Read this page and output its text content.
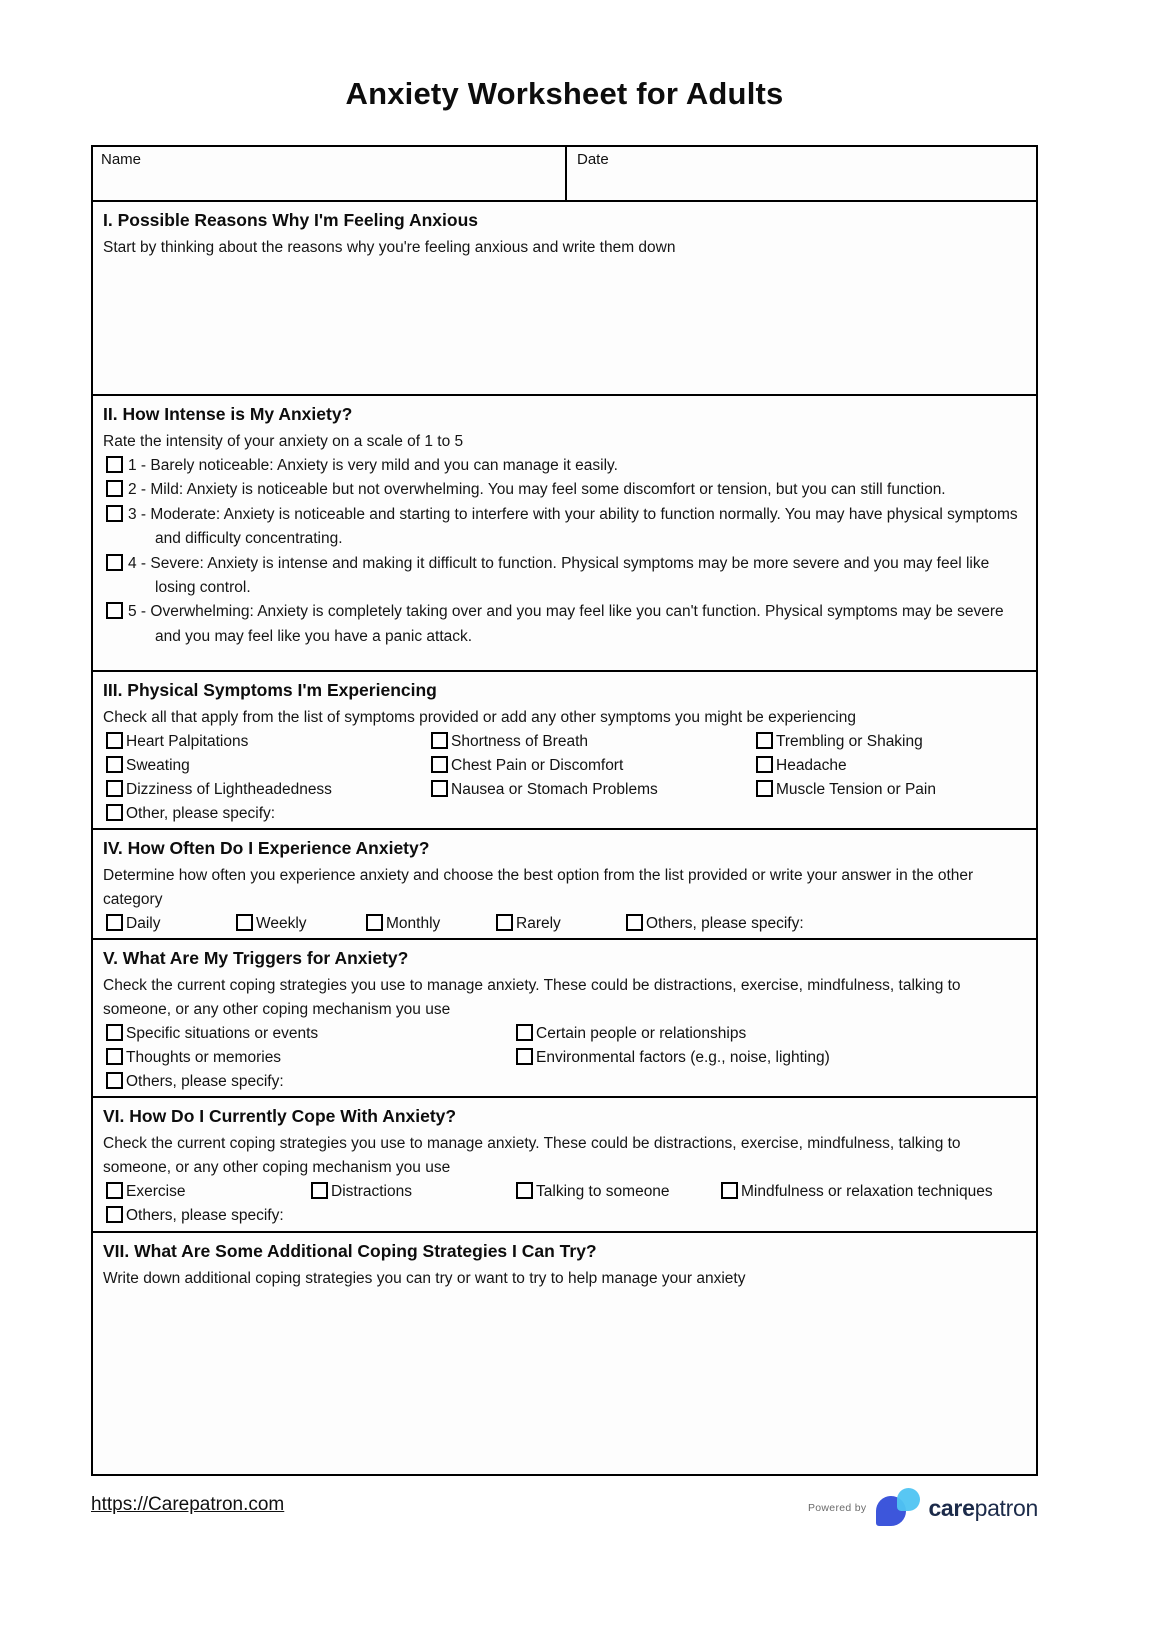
Anxiety Worksheet for Adults
Name	Date
I. Possible Reasons Why I'm Feeling Anxious
Start by thinking about the reasons why you're feeling anxious and write them down
II. How Intense is My Anxiety?
Rate the intensity of your anxiety on a scale of 1 to 5
1 - Barely noticeable: Anxiety is very mild and you can manage it easily.
2 - Mild: Anxiety is noticeable but not overwhelming. You may feel some discomfort or tension, but you can still function.
3 - Moderate: Anxiety is noticeable and starting to interfere with your ability to function normally. You may have physical symptoms and difficulty concentrating.
4 - Severe: Anxiety is intense and making it difficult to function. Physical symptoms may be more severe and you may feel like losing control.
5 - Overwhelming: Anxiety is completely taking over and you may feel like you can't function. Physical symptoms may be severe and you may feel like you have a panic attack.
III. Physical Symptoms I'm Experiencing
Check all that apply from the list of symptoms provided or add any other symptoms you might be experiencing
Heart Palpitations	Shortness of Breath	Trembling or Shaking
Sweating	Chest Pain or Discomfort	Headache
Dizziness of Lightheadedness	Nausea or Stomach Problems	Muscle Tension or Pain
Other, please specify:
IV. How Often Do I Experience Anxiety?
Determine how often you experience anxiety and choose the best option from the list provided or write your answer in the other category
Daily	Weekly	Monthly	Rarely	Others, please specify:
V. What Are My Triggers for Anxiety?
Check the current coping strategies you use to manage anxiety. These could be distractions, exercise, mindfulness, talking to someone, or any other coping mechanism you use
Specific situations or events	Certain people or relationships
Thoughts or memories	Environmental factors (e.g., noise, lighting)
Others, please specify:
VI. How Do I Currently Cope With Anxiety?
Check the current coping strategies you use to manage anxiety. These could be distractions, exercise, mindfulness, talking to someone, or any other coping mechanism you use
Exercise	Distractions	Talking to someone	Mindfulness or relaxation techniques
Others, please specify:
VII. What Are Some Additional Coping Strategies I Can Try?
Write down additional coping strategies you can try or want to try to help manage your anxiety
https://Carepatron.com	Powered by	carepatron
